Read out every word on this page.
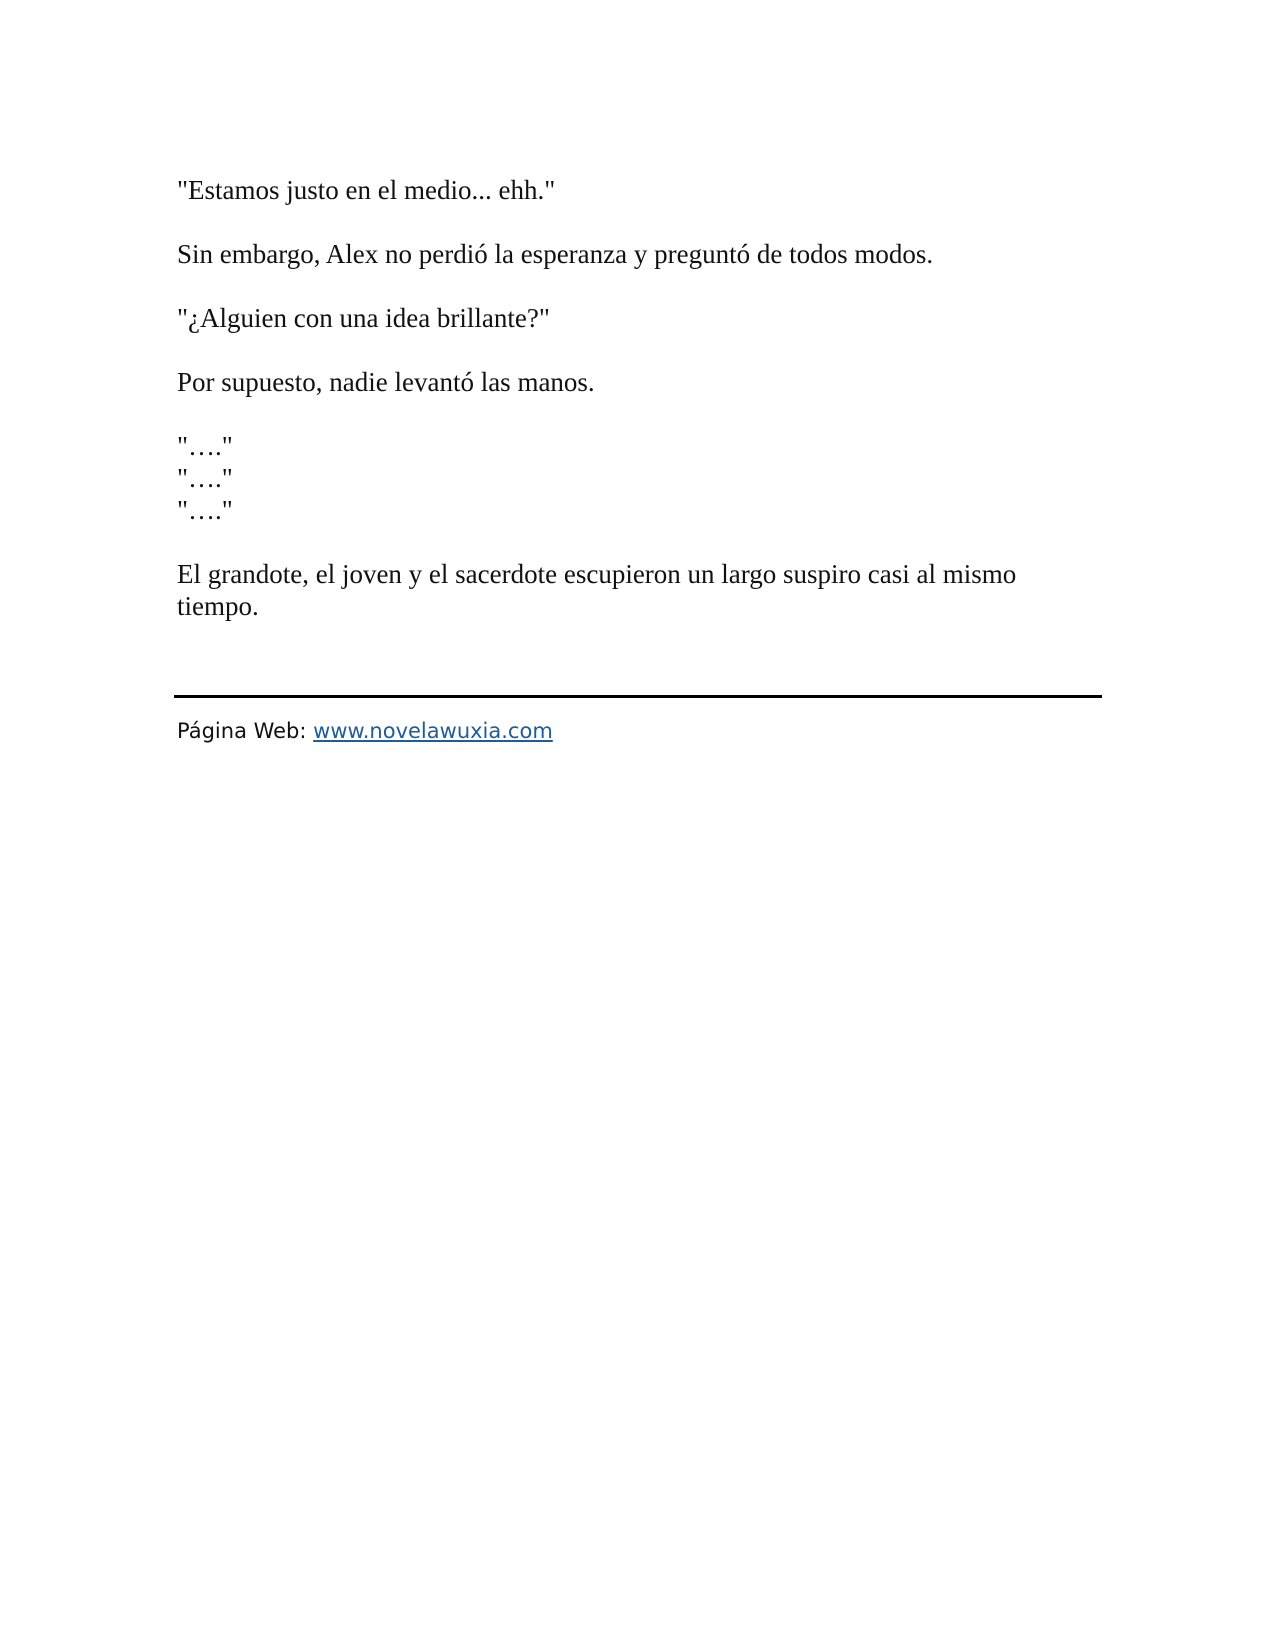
"Estamos justo en el medio... ehh."

Sin embargo, Alex no perdió la esperanza y preguntó de todos modos.

"¿Alguien con una idea brillante?"

Por supuesto, nadie levantó las manos.

"…."

"…."

"…."

El grandote, el joven y el sacerdote escupieron un largo suspiro casi al mismo tiempo.

Página Web: www.novelawuxia.com
